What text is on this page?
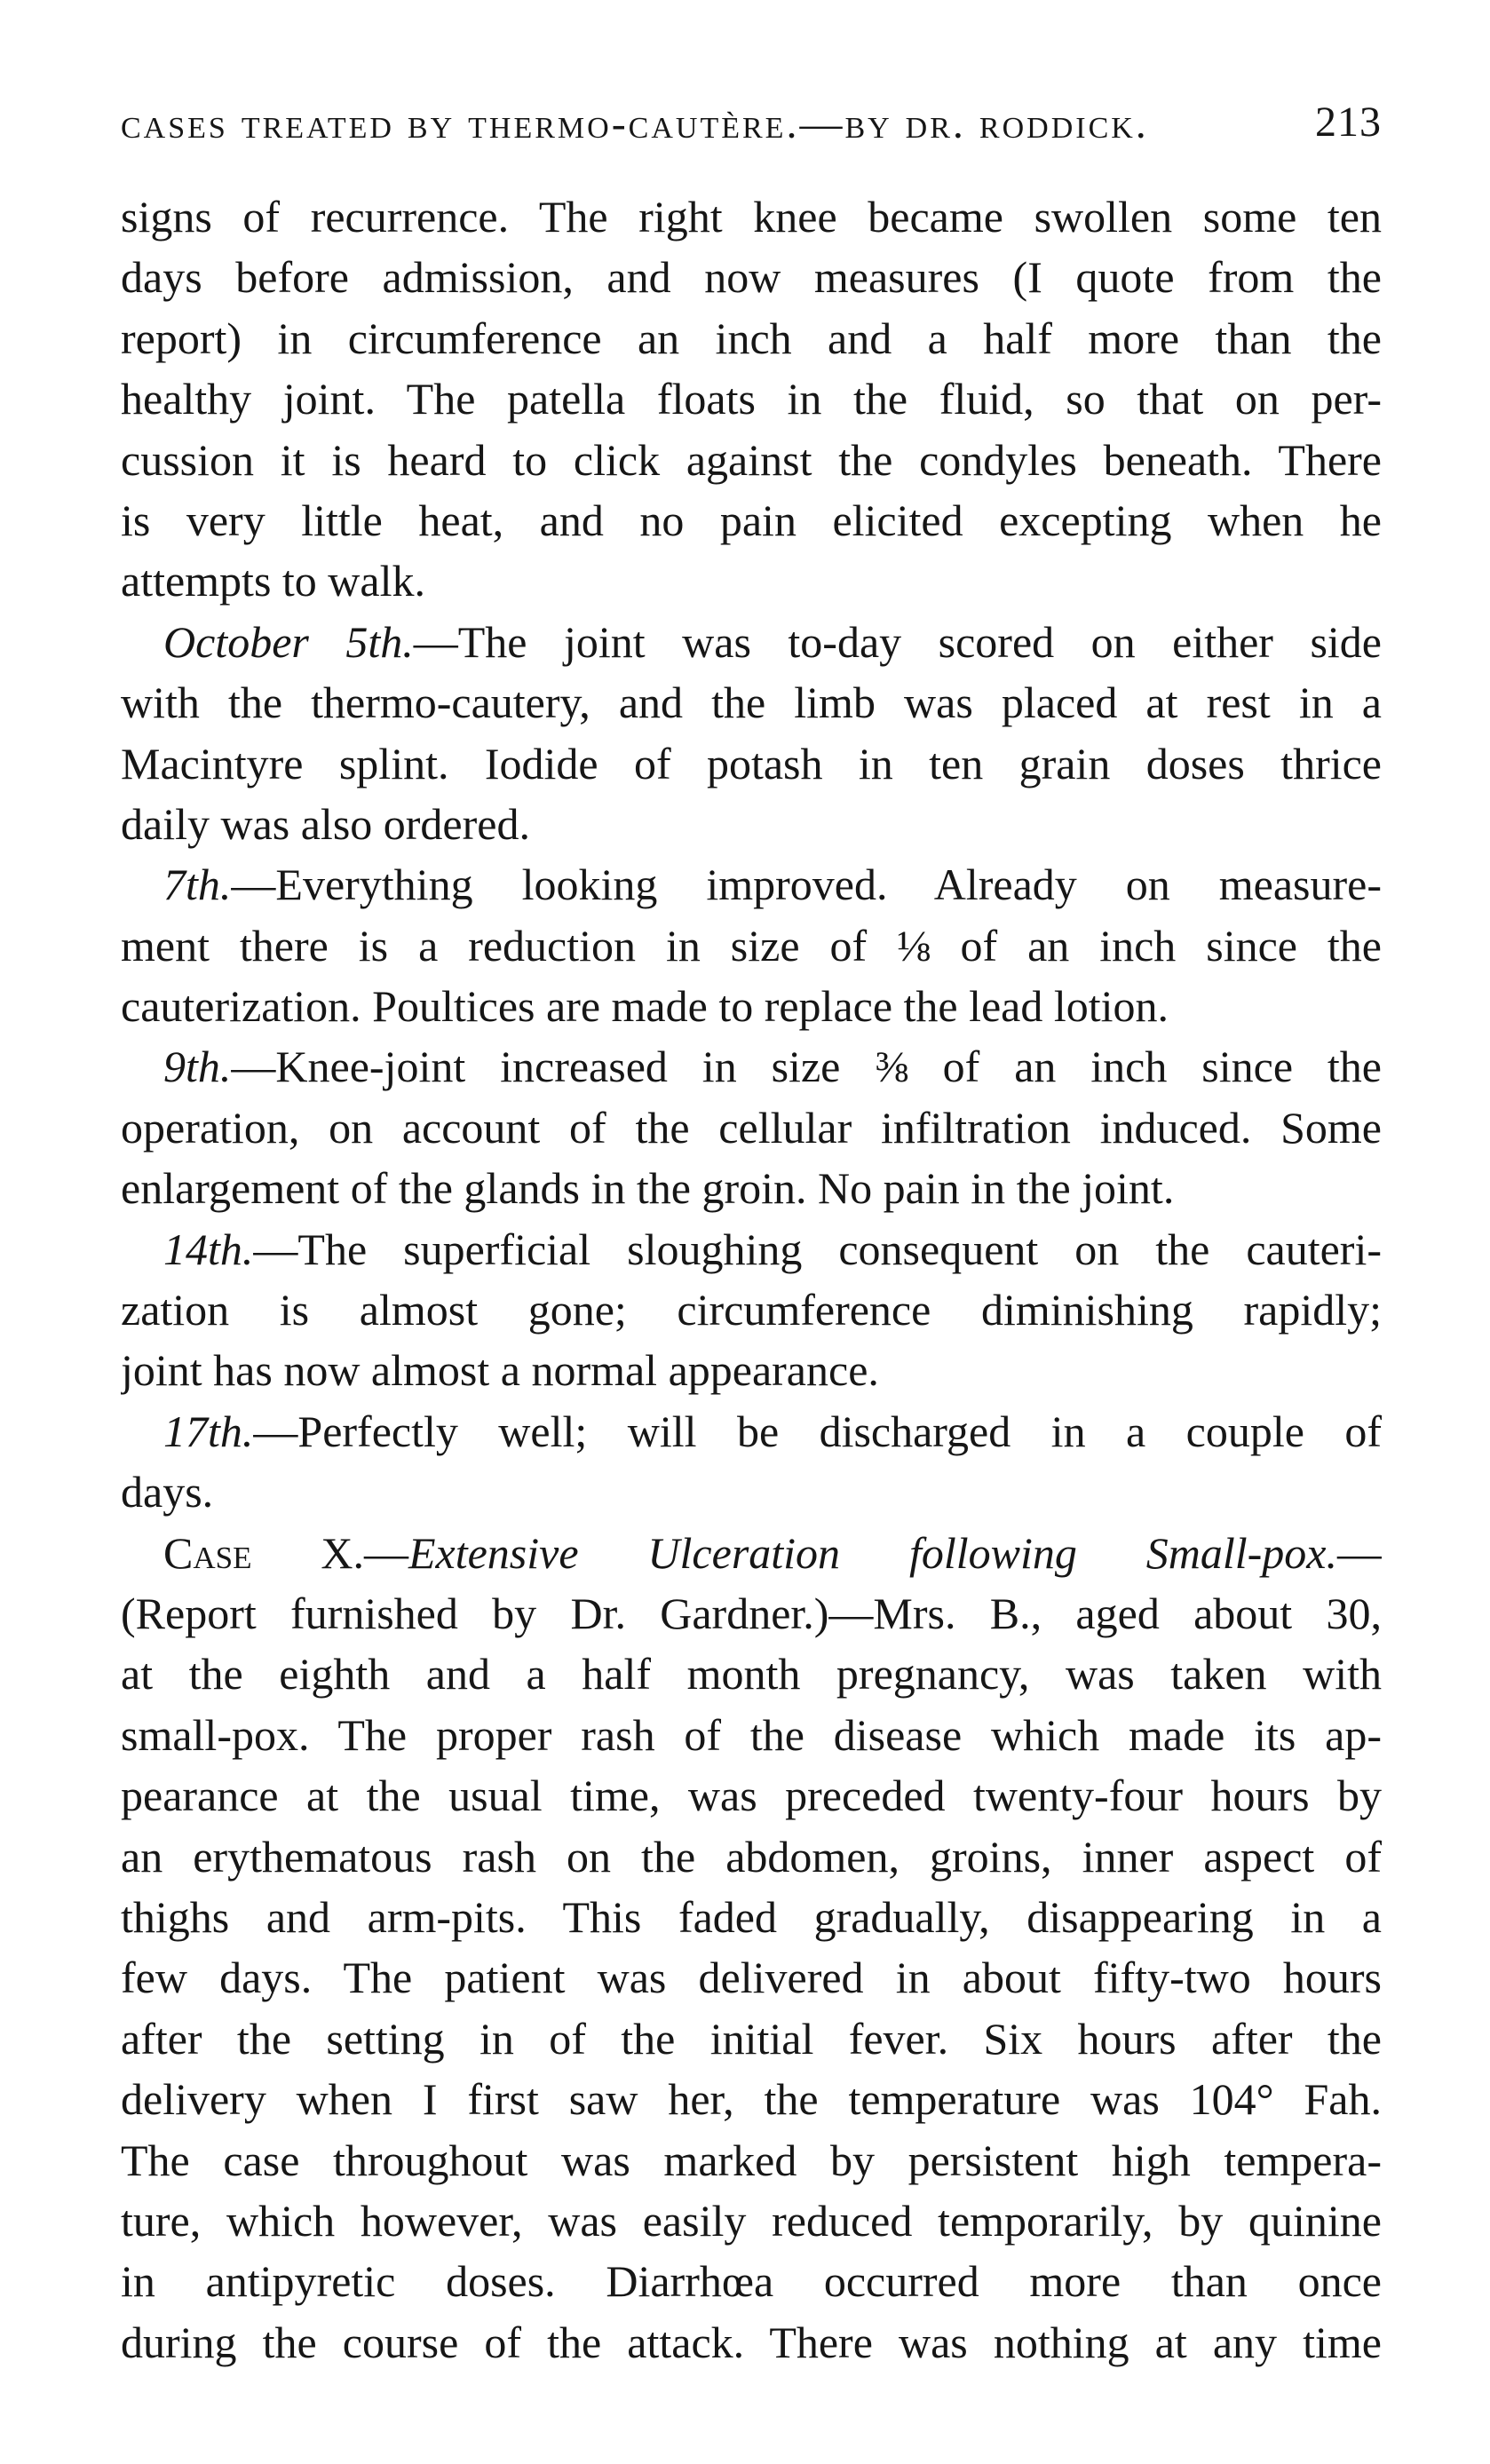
cases treated by thermo-cautère.—by dr. roddick.	213
signs of recurrence. The right knee became swollen some ten
days before admission, and now measures (I quote from the
report) in circumference an inch and a half more than the
healthy joint. The patella floats in the fluid, so that on per-
cussion it is heard to click against the condyles beneath. There
is very little heat, and no pain elicited excepting when he
attempts to walk.
October 5th.—The joint was to-day scored on either side
with the thermo-cautery, and the limb was placed at rest in a
Macintyre splint. Iodide of potash in ten grain doses thrice
daily was also ordered.
7th.—Everything looking improved. Already on measure-
ment there is a reduction in size of ⅛ of an inch since the
cauterization. Poultices are made to replace the lead lotion.
9th.—Knee-joint increased in size ⅜ of an inch since the
operation, on account of the cellular infiltration induced. Some
enlargement of the glands in the groin. No pain in the joint.
14th.—The superficial sloughing consequent on the cauteri-
zation is almost gone; circumference diminishing rapidly;
joint has now almost a normal appearance.
17th.—Perfectly well; will be discharged in a couple of
days.
Case X.—Extensive Ulceration following Small-pox.—
(Report furnished by Dr. Gardner.)—Mrs. B., aged about 30,
at the eighth and a half month pregnancy, was taken with
small-pox. The proper rash of the disease which made its ap-
pearance at the usual time, was preceded twenty-four hours by
an erythematous rash on the abdomen, groins, inner aspect of
thighs and arm-pits. This faded gradually, disappearing in a
few days. The patient was delivered in about fifty-two hours
after the setting in of the initial fever. Six hours after the
delivery when I first saw her, the temperature was 104° Fah.
The case throughout was marked by persistent high tempera-
ture, which however, was easily reduced temporarily, by quinine
in antipyretic doses. Diarrhœa occurred more than once
during the course of the attack. There was nothing at any time
